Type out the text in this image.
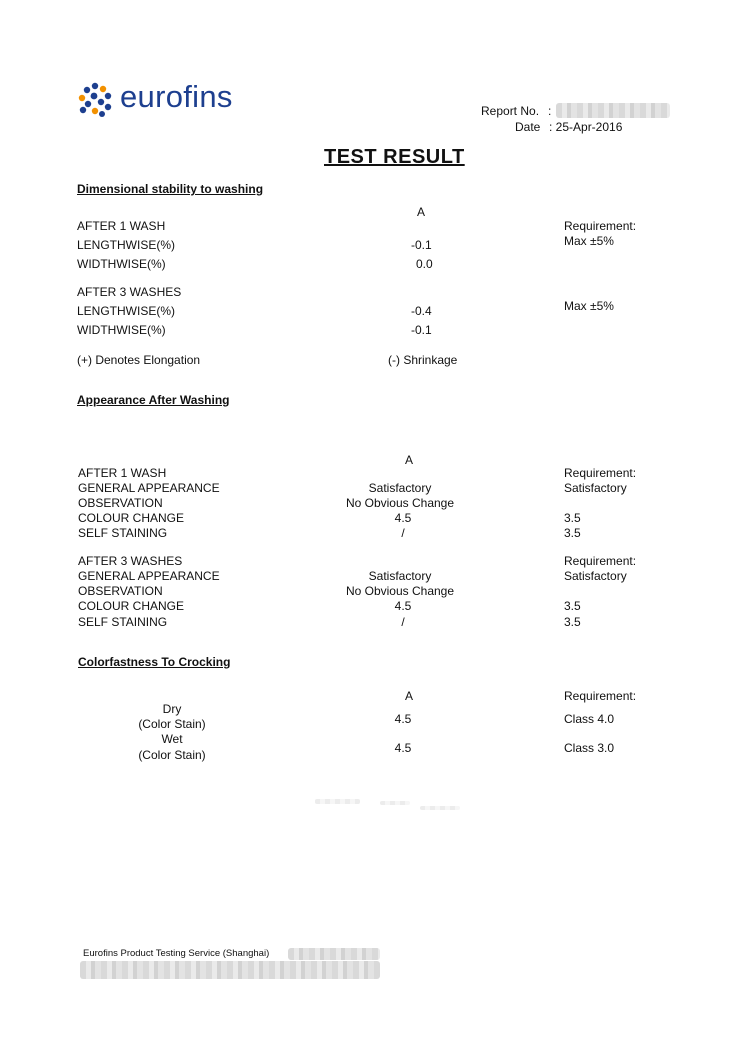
eurofins	Report No. :
Date : 25-Apr-2016
TEST RESULT
Dimensional stability to washing
A
AFTER 1 WASH	Requirement:
LENGTHWISE(%)	-0.1	Max ±5%
WIDTHWISE(%)	0.0
AFTER 3 WASHES
LENGTHWISE(%)	-0.4	Max ±5%
WIDTHWISE(%)	-0.1
(+) Denotes Elongation	(-) Shrinkage
Appearance After Washing
A
AFTER 1 WASH	Requirement:
GENERAL APPEARANCE	Satisfactory	Satisfactory
OBSERVATION	No Obvious Change
COLOUR CHANGE	4.5	3.5
SELF STAINING	/	3.5
AFTER 3 WASHES	Requirement:
GENERAL APPEARANCE	Satisfactory	Satisfactory
OBSERVATION	No Obvious Change
COLOUR CHANGE	4.5	3.5
SELF STAINING	/	3.5
Colorfastness To Crocking
A	Requirement:
Dry
(Color Stain)	4.5	Class 4.0
Wet
(Color Stain)	4.5	Class 3.0
Eurofins Product Testing Service (Shanghai)
